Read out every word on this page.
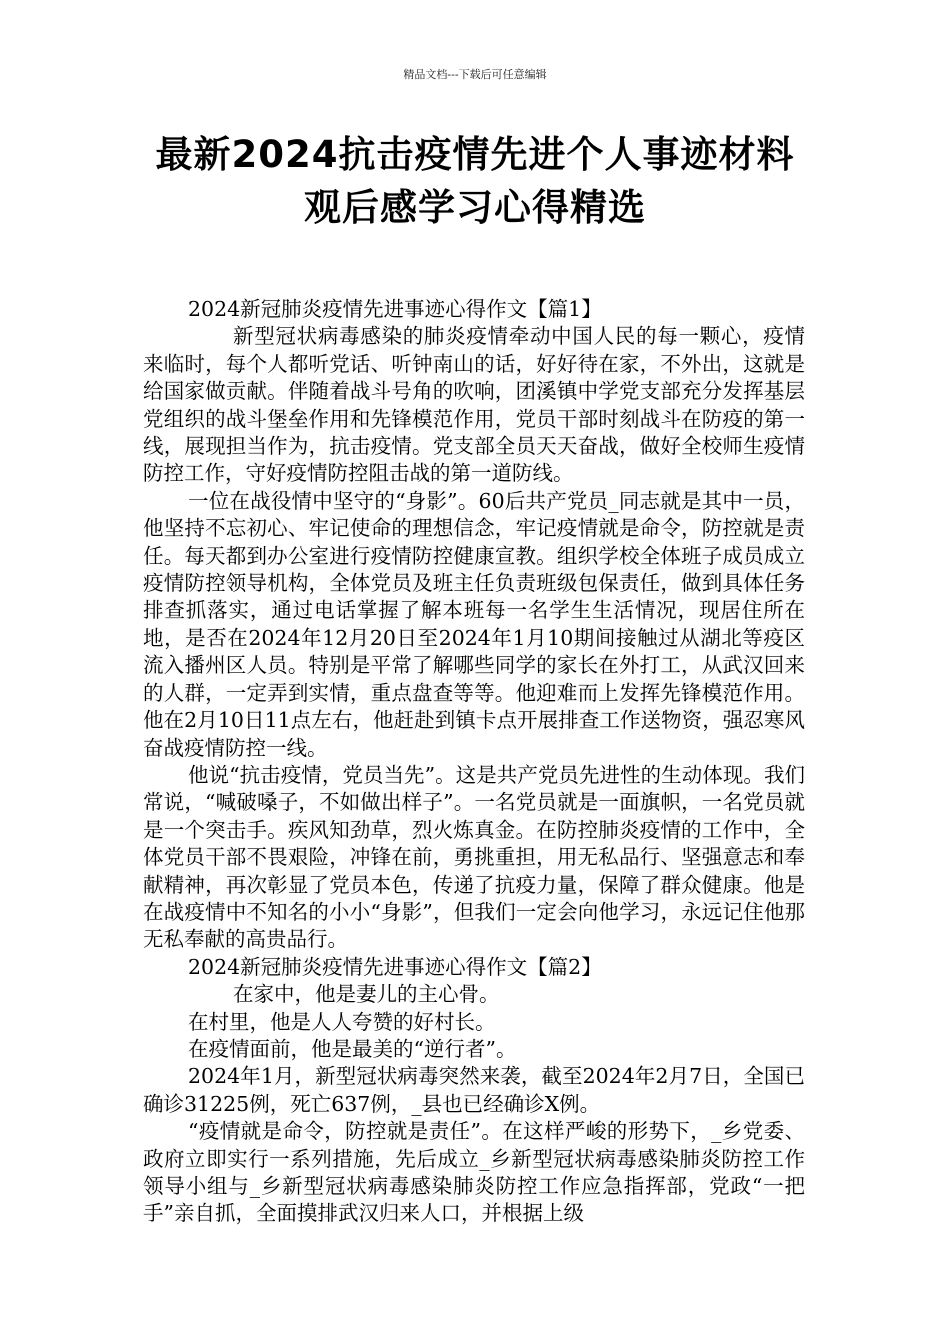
精品文档---下载后可任意编辑
最新2024抗击疫情先进个人事迹材料
观后感学习心得精选

2024新冠肺炎疫情先进事迹心得作文【篇1】

新型冠状病毒感染的肺炎疫情牵动中国人民的每一颗心，疫情来临时，每个人都听党话、听钟南山的话，好好待在家，不外出，这就是给国家做贡献。伴随着战斗号角的吹响，团溪镇中学党支部充分发挥基层党组织的战斗堡垒作用和先锋模范作用，党员干部时刻战斗在防疫的第一线，展现担当作为，抗击疫情。党支部全员天天奋战，做好全校师生疫情防控工作，守好疫情防控阻击战的第一道防线。

一位在战役情中坚守的“身影”。60后共产党员_同志就是其中一员，他坚持不忘初心、牢记使命的理想信念，牢记疫情就是命令，防控就是责任。每天都到办公室进行疫情防控健康宣教。组织学校全体班子成员成立疫情防控领导机构，全体党员及班主任负责班级包保责任，做到具体任务排查抓落实，通过电话掌握了解本班每一名学生生活情况，现居住所在地，是否在2024年12月20日至2024年1月10期间接触过从湖北等疫区流入播州区人员。特别是平常了解哪些同学的家长在外打工，从武汉回来的人群，一定弄到实情，重点盘查等等。他迎难而上发挥先锋模范作用。他在2月10日11点左右，他赶赴到镇卡点开展排查工作送物资，强忍寒风奋战疫情防控一线。

他说“抗击疫情，党员当先”。这是共产党员先进性的生动体现。我们常说，“喊破嗓子，不如做出样子”。一名党员就是一面旗帜，一名党员就是一个突击手。疾风知劲草，烈火炼真金。在防控肺炎疫情的工作中，全体党员干部不畏艰险，冲锋在前，勇挑重担，用无私品行、坚强意志和奉献精神，再次彰显了党员本色，传递了抗疫力量，保障了群众健康。他是在战疫情中不知名的小小“身影”，但我们一定会向他学习，永远记住他那无私奉献的高贵品行。

2024新冠肺炎疫情先进事迹心得作文【篇2】

在家中，他是妻儿的主心骨。

在村里，他是人人夸赞的好村长。

在疫情面前，他是最美的“逆行者”。

2024年1月，新型冠状病毒突然来袭，截至2024年2月7日，全国已确诊31225例，死亡637例，_县也已经确诊X例。

“疫情就是命令，防控就是责任”。在这样严峻的形势下，_乡党委、政府立即实行一系列措施，先后成立_乡新型冠状病毒感染肺炎防控工作领导小组与_乡新型冠状病毒感染肺炎防控工作应急指挥部，党政“一把手”亲自抓，全面摸排武汉归来人口，并根据上级
